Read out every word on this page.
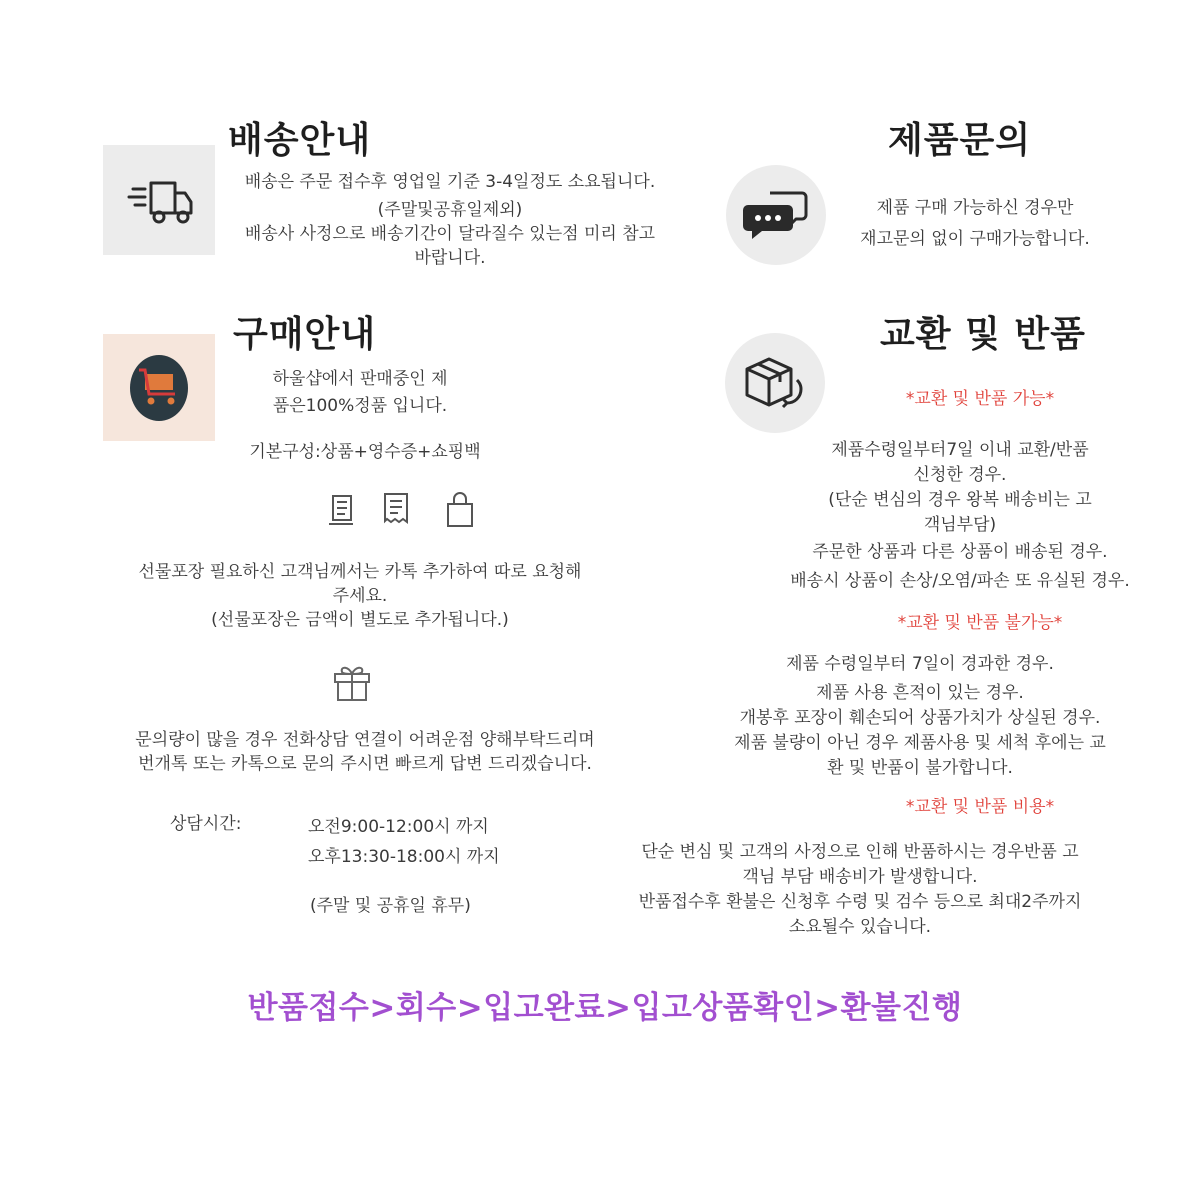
배송안내
배송은 주문 접수후 영업일 기준 3-4일정도 소요됩니다.
(주말및공휴일제외)
배송사 사정으로 배송기간이 달라질수 있는점 미리 참고
바랍니다.
제품문의
제품 구매 가능하신 경우만
재고문의 없이 구매가능합니다.
구매안내
하울샵에서 판매중인 제
품은100%정품 입니다.
기본구성:상품+영수증+쇼핑백
선물포장 필요하신 고객님께서는 카톡 추가하여 따로 요청해
주세요.
(선물포장은 금액이 별도로 추가됩니다.)
문의량이 많을 경우 전화상담 연결이 어려운점 양해부탁드리며
번개톡 또는 카톡으로 문의 주시면 빠르게 답변 드리겠습니다.
상담시간:	오전9:00-12:00시 까지
오후13:30-18:00시 까지
(주말 및 공휴일 휴무)
교환 및 반품
*교환 및 반품 가능*
제품수령일부터7일 이내 교환/반품
신청한 경우.
(단순 변심의 경우 왕복 배송비는 고
객님부담)
주문한 상품과 다른 상품이 배송된 경우.
배송시 상품이 손상/오염/파손 또 유실된 경우.
*교환 및 반품 불가능*
제품 수령일부터 7일이 경과한 경우.
제품 사용 흔적이 있는 경우.
개봉후 포장이 훼손되어 상품가치가 상실된 경우.
제품 불량이 아닌 경우 제품사용 및 세척 후에는 교
환 및 반품이 불가합니다.
*교환 및 반품 비용*
단순 변심 및 고객의 사정으로 인해 반품하시는 경우반품 고
객님 부담 배송비가 발생합니다.
반품접수후 환불은 신청후 수령 및 검수 등으로 최대2주까지
소요될수 있습니다.
반품접수>회수>입고완료>입고상품확인>환불진행
